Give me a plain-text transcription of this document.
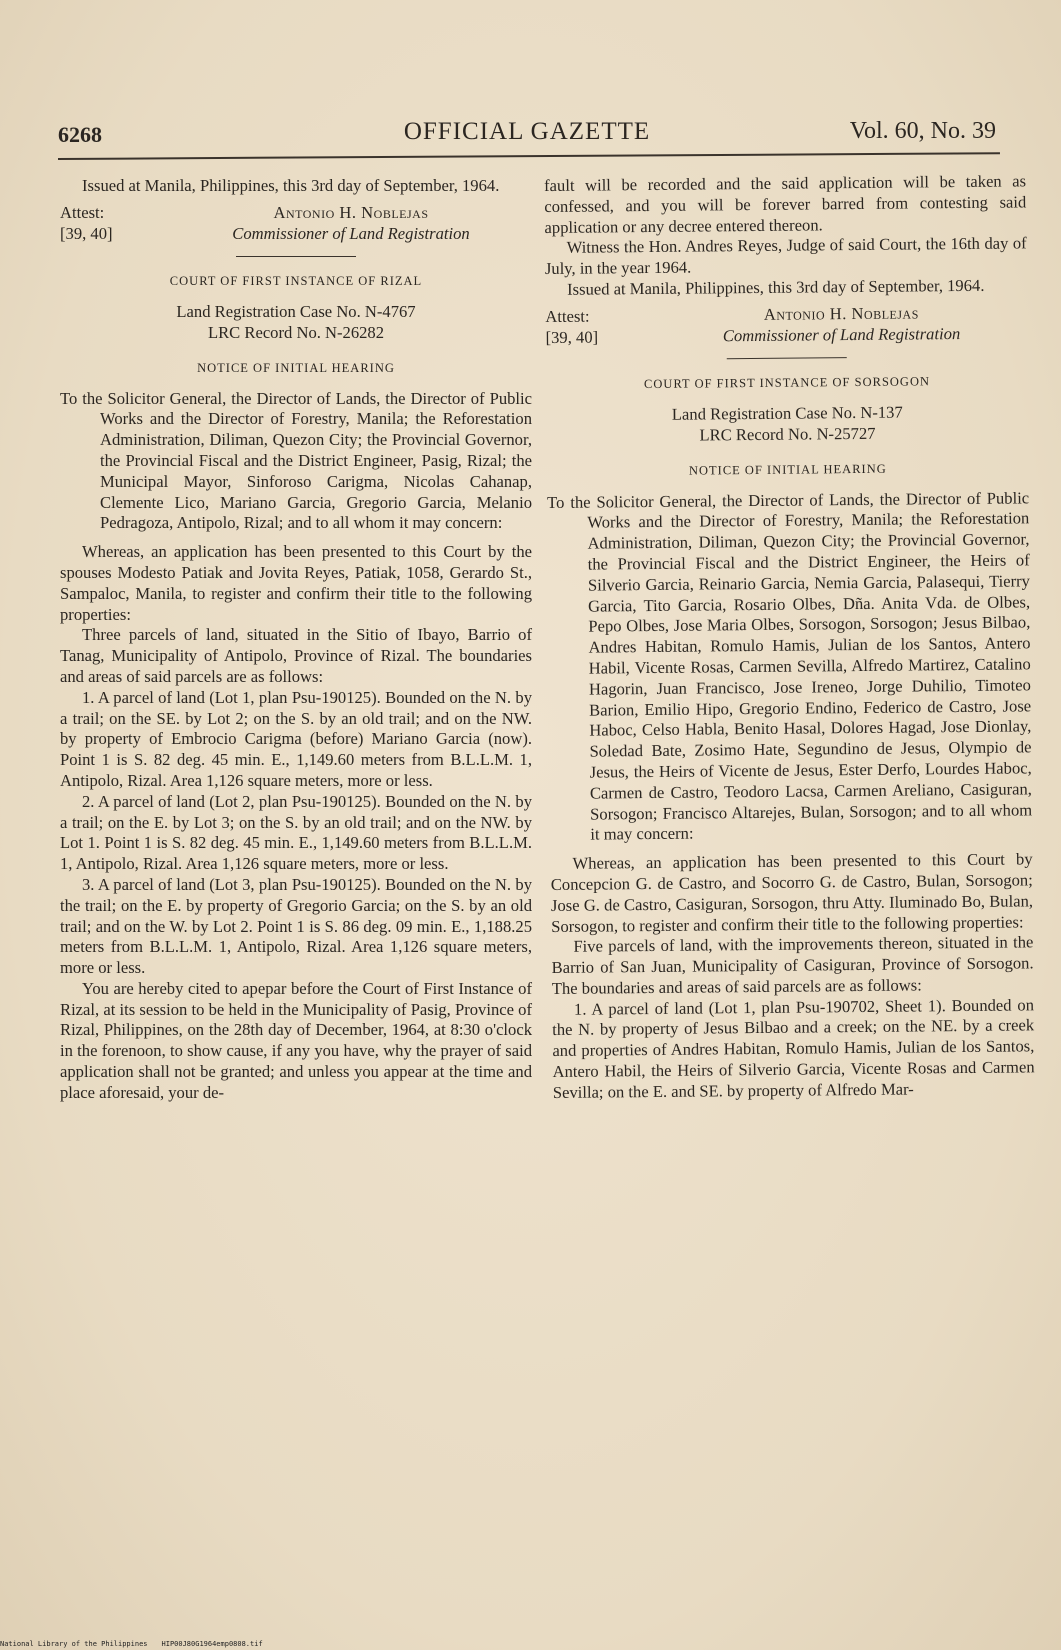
6268	OFFICIAL GAZETTE	Vol. 60, No. 39

Issued at Manila, Philippines, this 3rd day of September, 1964.

Attest:	Antonio H. Noblejas
[39, 40]	Commissioner of Land Registration

COURT OF FIRST INSTANCE OF RIZAL

Land Registration Case No. N-4767

LRC Record No. N-26282

NOTICE OF INITIAL HEARING

To the Solicitor General, the Director of Lands, the Director of Public Works and the Director of Forestry, Manila; the Reforestation Administration, Diliman, Quezon City; the Provincial Governor, the Provincial Fiscal and the District Engineer, Pasig, Rizal; the Municipal Mayor, Sinforoso Carigma, Nicolas Cahanap, Clemente Lico, Mariano Garcia, Gregorio Garcia, Melanio Pedragoza, Antipolo, Rizal; and to all whom it may concern:

Whereas, an application has been presented to this Court by the spouses Modesto Patiak and Jovita Reyes, Patiak, 1058, Gerardo St., Sampaloc, Manila, to register and confirm their title to the following properties:

Three parcels of land, situated in the Sitio of Ibayo, Barrio of Tanag, Municipality of Antipolo, Province of Rizal. The boundaries and areas of said parcels are as follows:

1. A parcel of land (Lot 1, plan Psu-190125). Bounded on the N. by a trail; on the SE. by Lot 2; on the S. by an old trail; and on the NW. by property of Embrocio Carigma (before) Mariano Garcia (now). Point 1 is S. 82 deg. 45 min. E., 1,149.60 meters from B.L.L.M. 1, Antipolo, Rizal. Area 1,126 square meters, more or less.

2. A parcel of land (Lot 2, plan Psu-190125). Bounded on the N. by a trail; on the E. by Lot 3; on the S. by an old trail; and on the NW. by Lot 1. Point 1 is S. 82 deg. 45 min. E., 1,149.60 meters from B.L.L.M. 1, Antipolo, Rizal. Area 1,126 square meters, more or less.

3. A parcel of land (Lot 3, plan Psu-190125). Bounded on the N. by the trail; on the E. by property of Gregorio Garcia; on the S. by an old trail; and on the W. by Lot 2. Point 1 is S. 86 deg. 09 min. E., 1,188.25 meters from B.L.L.M. 1, Antipolo, Rizal. Area 1,126 square meters, more or less.

You are hereby cited to apepar before the Court of First Instance of Rizal, at its session to be held in the Municipality of Pasig, Province of Rizal, Philippines, on the 28th day of December, 1964, at 8:30 o'clock in the forenoon, to show cause, if any you have, why the prayer of said application shall not be granted; and unless you appear at the time and place aforesaid, your de-

fault will be recorded and the said application will be taken as confessed, and you will be forever barred from contesting said application or any decree entered thereon.

Witness the Hon. Andres Reyes, Judge of said Court, the 16th day of July, in the year 1964.

Issued at Manila, Philippines, this 3rd day of September, 1964.

Attest:	Antonio H. Noblejas
[39, 40]	Commissioner of Land Registration

COURT OF FIRST INSTANCE OF SORSOGON

Land Registration Case No. N-137

LRC Record No. N-25727

NOTICE OF INITIAL HEARING

To the Solicitor General, the Director of Lands, the Director of Public Works and the Director of Forestry, Manila; the Reforestation Administration, Diliman, Quezon City; the Provincial Governor, the Provincial Fiscal and the District Engineer, the Heirs of Silverio Garcia, Reinario Garcia, Nemia Garcia, Palasequi, Tierry Garcia, Tito Garcia, Rosario Olbes, Dña. Anita Vda. de Olbes, Pepo Olbes, Jose Maria Olbes, Sorsogon, Sorsogon; Jesus Bilbao, Andres Habitan, Romulo Hamis, Julian de los Santos, Antero Habil, Vicente Rosas, Carmen Sevilla, Alfredo Martirez, Catalino Hagorin, Juan Francisco, Jose Ireneo, Jorge Duhilio, Timoteo Barion, Emilio Hipo, Gregorio Endino, Federico de Castro, Jose Haboc, Celso Habla, Benito Hasal, Dolores Hagad, Jose Dionlay, Soledad Bate, Zosimo Hate, Segundino de Jesus, Olympio de Jesus, the Heirs of Vicente de Jesus, Ester Derfo, Lourdes Haboc, Carmen de Castro, Teodoro Lacsa, Carmen Areliano, Casiguran, Sorsogon; Francisco Altarejes, Bulan, Sorsogon; and to all whom it may concern:

Whereas, an application has been presented to this Court by Concepcion G. de Castro, and Socorro G. de Castro, Bulan, Sorsogon; Jose G. de Castro, Casiguran, Sorsogon, thru Atty. Iluminado Bo, Bulan, Sorsogon, to register and confirm their title to the following properties:

Five parcels of land, with the improvements thereon, situated in the Barrio of San Juan, Municipality of Casiguran, Province of Sorsogon. The boundaries and areas of said parcels are as follows:

1. A parcel of land (Lot 1, plan Psu-190702, Sheet 1). Bounded on the N. by property of Jesus Bilbao and a creek; on the NE. by a creek and properties of Andres Habitan, Romulo Hamis, Julian de los Santos, Antero Habil, the Heirs of Silverio Garcia, Vicente Rosas and Carmen Sevilla; on the E. and SE. by property of Alfredo Mar-

National Library of the Philippines HIP00J80G1964emp0808.tif
